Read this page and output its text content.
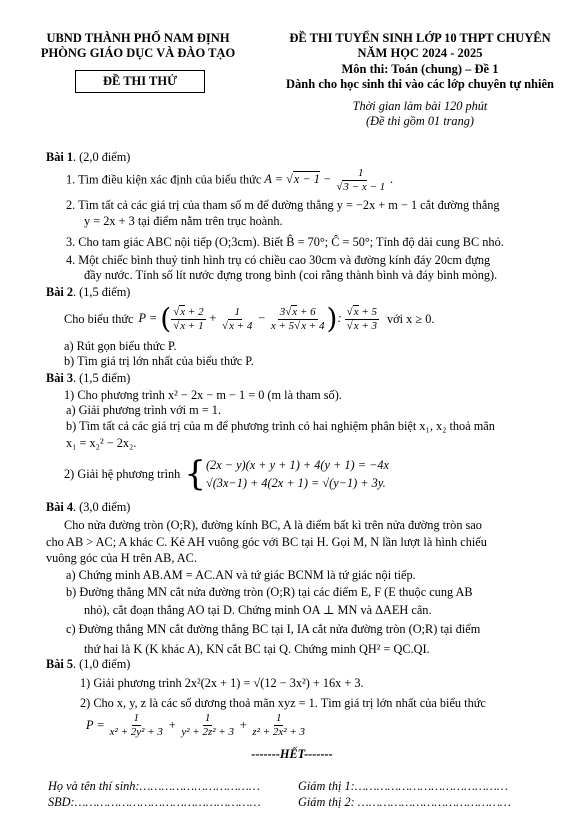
UBND THÀNH PHỐ NAM ĐỊNH
PHÒNG GIÁO DỤC VÀ ĐÀO TẠO
ĐỀ THI THỬ
ĐỀ THI TUYỂN SINH LỚP 10 THPT CHUYÊN
NĂM HỌC 2024 - 2025
Môn thi: Toán (chung) – Đề 1
Dành cho học sinh thi vào các lớp chuyên tự nhiên
Thời gian làm bài 120 phút
(Đề thi gồm 01 trang)
Bài 1. (2,0 điểm)
1. Tìm điều kiện xác định của biểu thức $A = √x - 1 - \frac{1}{√3 - x - 1}$ .
2. Tìm tất cả các giá trị của tham số m để đường thẳng y = −2x + m − 1 cắt đường thẳng
y = 2x + 3 tại điểm nằm trên trục hoành.
3. Cho tam giác ABC nội tiếp (O;3cm). Biết B̂ = 70°; Ĉ = 50°; Tính độ dài cung BC nhỏ.
4. Một chiếc bình thuỷ tinh hình trụ có chiều cao 30cm và đường kính đáy 20cm đựng
đầy nước. Tính số lít nước đựng trong bình (coi rằng thành bình và đáy bình mỏng).
Bài 2. (1,5 điểm)
Cho biểu thức P = ( $\frac{√x + 2}{√x + 1} + \frac{1}{√x + 4} - \frac{3√x + 6}{x + 5√x + 4}$ ): $\frac{√x + 5}{√x + 3}$ với x ≥ 0.
a) Rút gọn biểu thức P.
b) Tìm giá trị lớn nhất của biểu thức P.
Bài 3. (1,5 điểm)
1) Cho phương trình x² − 2x − m − 1 = 0 (m là tham số).
a) Giải phương trình với m = 1.
b) Tìm tất cả các giá trị của m để phương trình có hai nghiệm phân biệt x₁, x₂ thoả mãn
x₁ = x₂² − 2x₂.
2) Giải hệ phương trình { (2x − y)(x + y + 1) + 4(y + 1) = −4x
√(3x−1) + 4(2x + 1) = √(y−1) + 3y.
Bài 4. (3,0 điểm)
Cho nửa đường tròn (O;R), đường kính BC, A là điểm bất kì trên nửa đường tròn sao
cho AB > AC; A khác C. Kẻ AH vuông góc với BC tại H. Gọi M, N lần lượt là hình chiếu
vuông góc của H trên AB, AC.
a) Chứng minh AB.AM = AC.AN và tứ giác BCNM là tứ giác nội tiếp.
b) Đường thẳng MN cắt nửa đường tròn (O;R) tại các điểm E, F (E thuộc cung AB
nhỏ), cắt đoạn thẳng AO tại D. Chứng minh OA ⊥ MN và ΔAEH cân.
c) Đường thẳng MN cắt đường thẳng BC tại I, IA cắt nửa đường tròn (O;R) tại điểm
thứ hai là K (K khác A), KN cắt BC tại Q. Chứng minh QH² = QC.QI.
Bài 5. (1,0 điểm)
1) Giải phương trình 2x²(2x + 1) = √(12 − 3x²) + 16x + 3.
2) Cho x, y, z là các số dương thoả mãn xyz = 1. Tìm giá trị lớn nhất của biểu thức
$P = \frac{1}{\text{x² + 2y² + 3}} + \frac{1}{\text{y² + 2z² + 3}} + \frac{1}{\text{z² + 2x² + 3}}$
-------HẾT-------
Họ và tên thí sinh:……………………………
SBD:……………………………………………
Giám thị 1:……………………………………
Giám thị 2: ……………………………………
